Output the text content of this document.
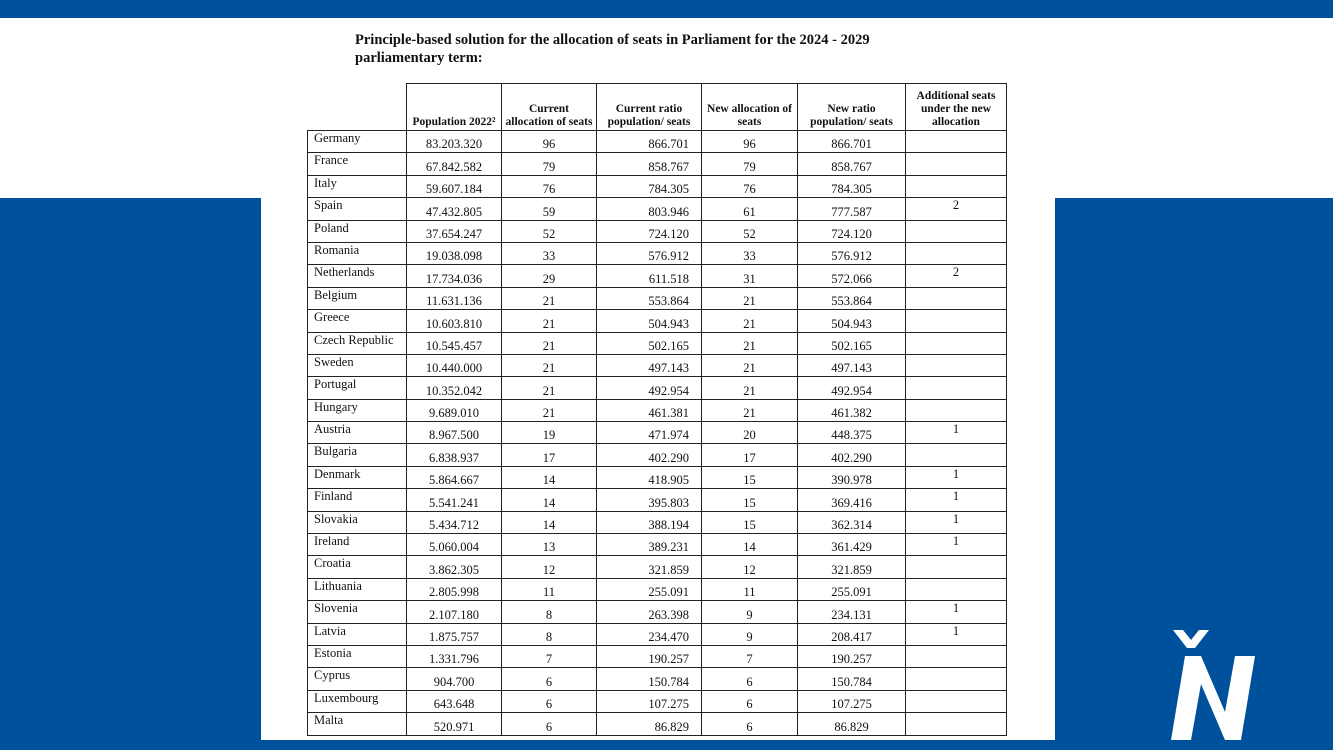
Principle-based solution for the allocation of seats in Parliament for the 2024 - 2029
parliamentary term:
	Population 2022²	Current allocation of seats	Current ratio population/ seats	New allocation of seats	New ratio population/ seats	Additional seats under the new allocation
Germany	83.203.320	96	866.701	96	866.701	
France	67.842.582	79	858.767	79	858.767	
Italy	59.607.184	76	784.305	76	784.305	
Spain	47.432.805	59	803.946	61	777.587	2
Poland	37.654.247	52	724.120	52	724.120	
Romania	19.038.098	33	576.912	33	576.912	
Netherlands	17.734.036	29	611.518	31	572.066	2
Belgium	11.631.136	21	553.864	21	553.864	
Greece	10.603.810	21	504.943	21	504.943	
Czech Republic	10.545.457	21	502.165	21	502.165	
Sweden	10.440.000	21	497.143	21	497.143	
Portugal	10.352.042	21	492.954	21	492.954	
Hungary	9.689.010	21	461.381	21	461.382	
Austria	8.967.500	19	471.974	20	448.375	1
Bulgaria	6.838.937	17	402.290	17	402.290	
Denmark	5.864.667	14	418.905	15	390.978	1
Finland	5.541.241	14	395.803	15	369.416	1
Slovakia	5.434.712	14	388.194	15	362.314	1
Ireland	5.060.004	13	389.231	14	361.429	1
Croatia	3.862.305	12	321.859	12	321.859	
Lithuania	2.805.998	11	255.091	11	255.091	
Slovenia	2.107.180	8	263.398	9	234.131	1
Latvia	1.875.757	8	234.470	9	208.417	1
Estonia	1.331.796	7	190.257	7	190.257	
Cyprus	904.700	6	150.784	6	150.784	
Luxembourg	643.648	6	107.275	6	107.275	
Malta	520.971	6	86.829	6	86.829	
